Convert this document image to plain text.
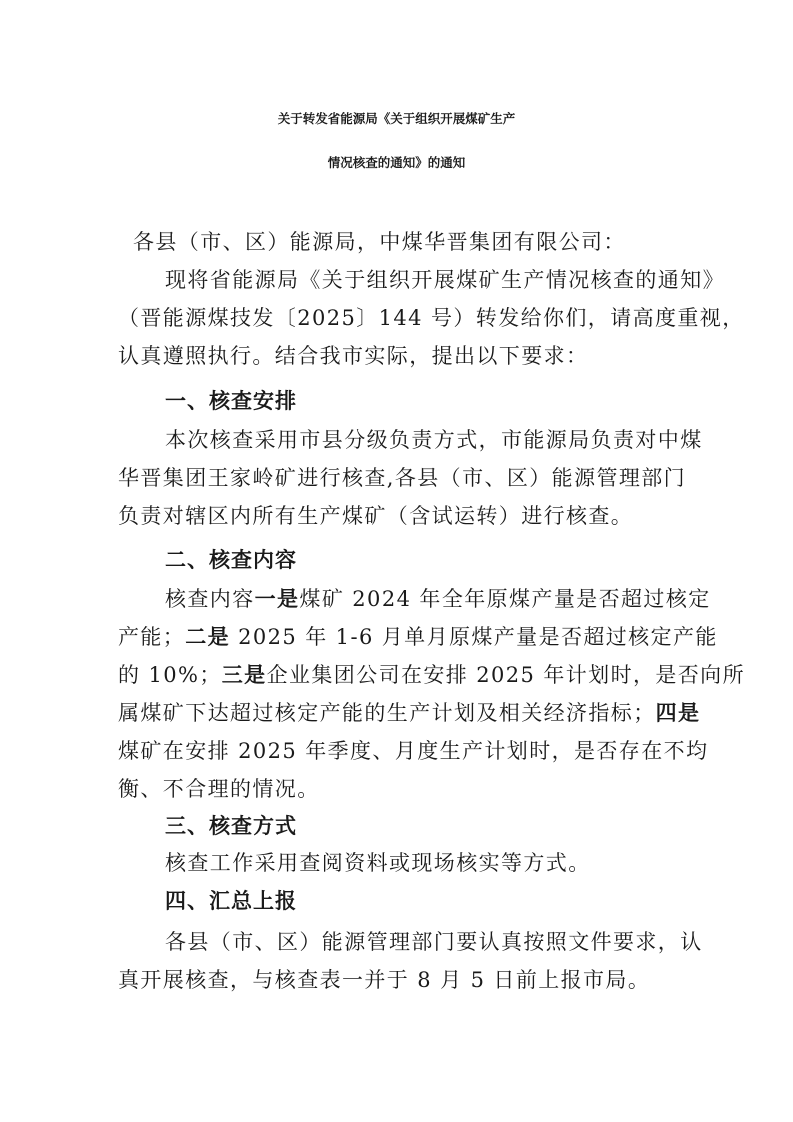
关于转发省能源局《关于组织开展煤矿生产
情况核查的通知》的通知
各县（市、区）能源局，中煤华晋集团有限公司：
现将省能源局《关于组织开展煤矿生产情况核查的通知》
（晋能源煤技发〔2025〕144 号）转发给你们，请高度重视，
认真遵照执行。结合我市实际，提出以下要求：
一、核查安排
本次核查采用市县分级负责方式，市能源局负责对中煤
华晋集团王家岭矿进行核查,各县（市、区）能源管理部门
负责对辖区内所有生产煤矿（含试运转）进行核查。
二、核查内容
核查内容一是煤矿 2024 年全年原煤产量是否超过核定
产能；二是 2025 年 1-6 月单月原煤产量是否超过核定产能
的 10%；三是企业集团公司在安排 2025 年计划时，是否向所
属煤矿下达超过核定产能的生产计划及相关经济指标；四是
煤矿在安排 2025 年季度、月度生产计划时，是否存在不均
衡、不合理的情况。
三、核查方式
核查工作采用查阅资料或现场核实等方式。
四、汇总上报
各县（市、区）能源管理部门要认真按照文件要求，认
真开展核查，与核查表一并于 8 月 5 日前上报市局。
